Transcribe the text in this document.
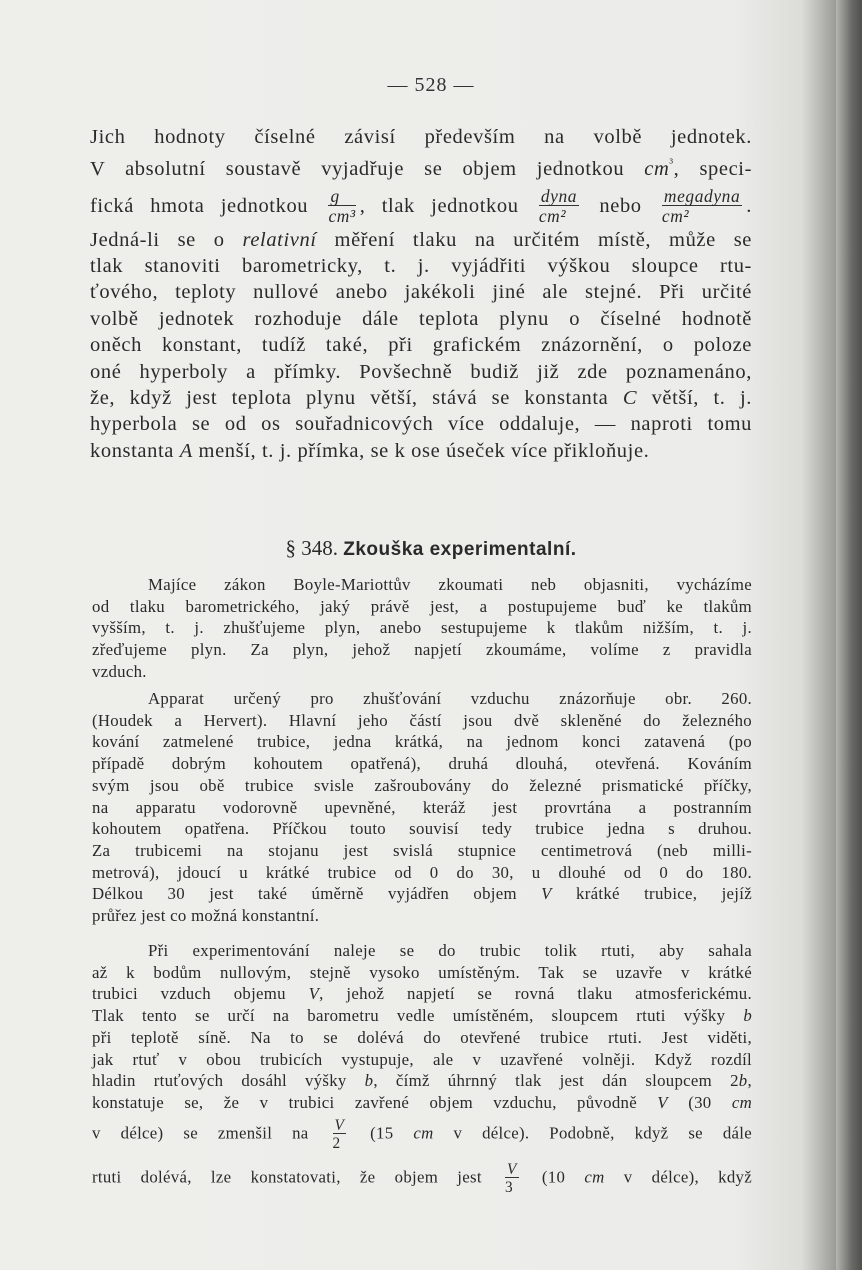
— 528 —
Jich hodnoty číselné závisí především na volbě jednotek.
V absolutní soustavě vyjadřuje se objem jednotkou $cm^{^3}$, speci-
fická hmota jednotkou $\frac{g}{\text{cm³}}$ , tlak jednotkou $\frac{\text{dyna}}{\text{cm²}}$ nebo $\frac{\text{megadyna}}{\text{cm²}}$ .
Jedná-li se o relativní měření tlaku na určitém místě, může se
tlak stanoviti barometricky, t. j. vyjádřiti výškou sloupce rtu-
ťového, teploty nullové anebo jakékoli jiné ale stejné. Při určité
volbě jednotek rozhoduje dále teplota plynu o číselné hodnotě
oněch konstant, tudíž také, při grafickém znázornění, o poloze
oné hyperboly a přímky. Povšechně budiž již zde poznamenáno,
že, když jest teplota plynu větší, stává se konstanta C větší, t. j.
hyperbola se od os souřadnicových více oddaluje, — naproti tomu
konstanta A menší, t. j. přímka, se k ose úseček více přikloňuje.
§ 348. Zkouška experimentalní.
Majíce zákon Boyle-Mariottův zkoumati neb objasniti, vycházíme
od tlaku barometrického, jaký právě jest, a postupujeme buď ke tlakům
vyšším, t. j. zhušťujeme plyn, anebo sestupujeme k tlakům nižším, t. j.
zřeďujeme plyn. Za plyn, jehož napjetí zkoumáme, volíme z pravidla
vzduch.
Apparat určený pro zhušťování vzduchu znázorňuje obr. 260.
(Houdek a Hervert). Hlavní jeho částí jsou dvě skleněné do železného
kování zatmelené trubice, jedna krátká, na jednom konci zatavená (po
případě dobrým kohoutem opatřená), druhá dlouhá, otevřená. Kováním
svým jsou obě trubice svisle zašroubovány do železné prismatické příčky,
na apparatu vodorovně upevněné, kteráž jest provrtána a postranním
kohoutem opatřena. Příčkou touto souvisí tedy trubice jedna s druhou.
Za trubicemi na stojanu jest svislá stupnice centimetrová (neb milli-
metrová), jdoucí u krátké trubice od 0 do 30, u dlouhé od 0 do 180.
Délkou 30 jest také úměrně vyjádřen objem V krátké trubice, jejíž
průřez jest co možná konstantní.
Při experimentování naleje se do trubic tolik rtuti, aby sahala
až k bodům nullovým, stejně vysoko umístěným. Tak se uzavře v krátké
trubici vzduch objemu V, jehož napjetí se rovná tlaku atmosferickému.
Tlak tento se určí na barometru vedle umístěném, sloupcem rtuti výšky b
při teplotě síně. Na to se dolévá do otevřené trubice rtuti. Jest viděti,
jak rtuť v obou trubicích vystupuje, ale v uzavřené volněji. Když rozdíl
hladin rtuťových dosáhl výšky b, čímž úhrnný tlak jest dán sloupcem 2b,
konstatuje se, že v trubici zavřené objem vzduchu, původně V (30 cm
v délce) se zmenšil na $\frac{V}{2} (15$ cm v délce). Podobně, když se dále
rtuti dolévá, lze konstatovati, že objem jest $\frac{V}{3} (10$ cm v délce), když
